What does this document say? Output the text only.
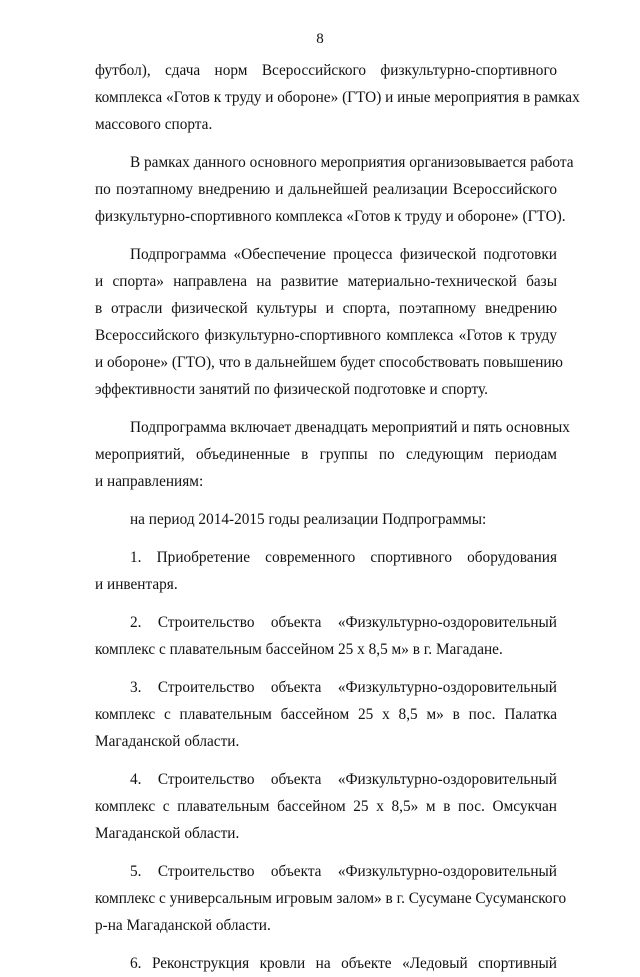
8
футбол), сдача норм Всероссийского физкультурно-спортивного
комплекса «Готов к труду и обороне» (ГТО) и иные мероприятия в рамках
массового спорта.
В рамках данного основного мероприятия организовывается работа
по поэтапному внедрению и дальнейшей реализации Всероссийского
физкультурно-спортивного комплекса «Готов к труду и обороне» (ГТО).
Подпрограмма «Обеспечение процесса физической подготовки
и спорта» направлена на развитие материально-технической базы
в отрасли физической культуры и спорта, поэтапному внедрению
Всероссийского физкультурно-спортивного комплекса «Готов к труду
и обороне» (ГТО), что в дальнейшем будет способствовать повышению
эффективности занятий по физической подготовке и спорту.
Подпрограмма включает двенадцать мероприятий и пять основных
мероприятий, объединенные в группы по следующим периодам
и направлениям:
на период 2014-2015 годы реализации Подпрограммы:
1. Приобретение современного спортивного оборудования
и инвентаря.
2. Строительство объекта «Физкультурно-оздоровительный
комплекс с плавательным бассейном 25 х 8,5 м» в г. Магадане.
3. Строительство объекта «Физкультурно-оздоровительный
комплекс с плавательным бассейном 25 х 8,5 м» в пос. Палатка
Магаданской области.
4. Строительство объекта «Физкультурно-оздоровительный
комплекс с плавательным бассейном 25 х 8,5» м в пос. Омсукчан
Магаданской области.
5. Строительство объекта «Физкультурно-оздоровительный
комплекс с универсальным игровым залом» в г. Сусумане Сусуманского
р-на Магаданской области.
6. Реконструкция кровли на объекте «Ледовый спортивный
